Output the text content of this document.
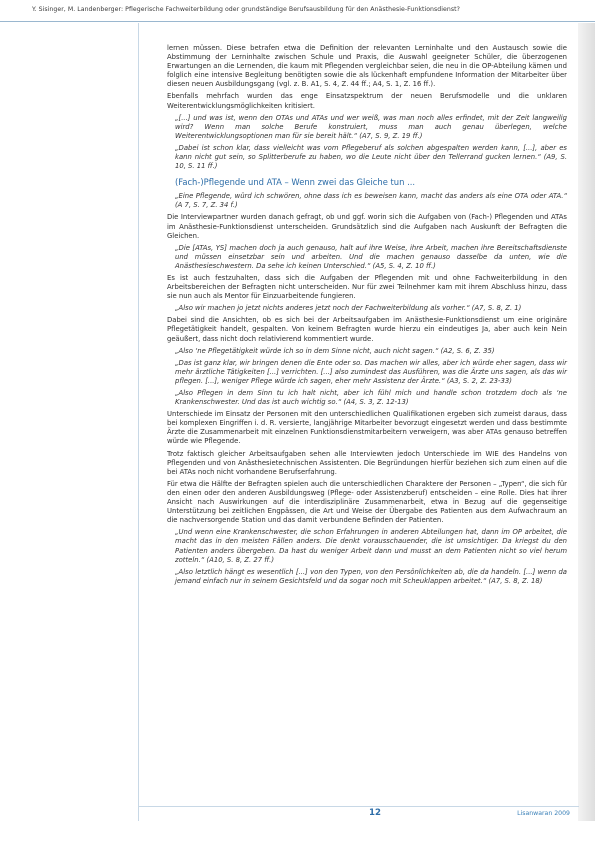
Y. Sisinger, M. Landenberger: Pflegerische Fachweiterbildung oder grundständige Berufsausbildung für den Anästhesie-Funktionsdienst?

lernen müssen. Diese betrafen etwa die Definition der relevanten Lerninhalte und den Austausch sowie die Abstimmung der Lerninhalte zwischen Schule und Praxis, die Auswahl geeigneter Schüler, die überzogenen Erwartungen an die Lernenden, die kaum mit Pflegenden vergleichbar seien, die neu in die OP-Abteilung kämen und folglich eine intensive Begleitung benötigten sowie die als lückenhaft empfundene Information der Mitarbeiter über diesen neuen Ausbildungsgang (vgl. z. B. A1, S. 4, Z. 44 ff.; A4, S. 1, Z. 16 ff.).

Ebenfalls mehrfach wurden das enge Einsatzspektrum der neuen Berufsmodelle und die unklaren Weiterentwicklungsmöglichkeiten kritisiert.

„[...] und was ist, wenn den OTAs und ATAs und wer weiß, was man noch alles erfindet, mit der Zeit langweilig wird? Wenn man solche Berufe konstruiert, muss man auch genau überlegen, welche Weiterentwicklungsoptionen man für sie bereit hält.“ (A7, S. 9, Z. 19 ff.)

„Dabei ist schon klar, dass vielleicht was vom Pflegeberuf als solchen abgespalten werden kann, [...], aber es kann nicht gut sein, so Splitterberufe zu haben, wo die Leute nicht über den Tellerrand gucken lernen.“ (A9, S. 10, S. 11 ff.)

(Fach-)Pflegende und ATA – Wenn zwei das Gleiche tun ...

„Eine Pflegende, würd ich schwören, ohne dass ich es beweisen kann, macht das anders als eine OTA oder ATA.“ (A 7, S. 7, Z. 34 f.)

Die Interviewpartner wurden danach gefragt, ob und ggf. worin sich die Aufgaben von (Fach-) Pflegenden und ATAs im Anästhesie-Funktionsdienst unterscheiden. Grundsätzlich sind die Aufgaben nach Auskunft der Befragten die Gleichen.

„Die [ATAs, YS] machen doch ja auch genauso, halt auf ihre Weise, ihre Arbeit, machen ihre Bereitschaftsdienste und müssen einsetzbar sein und arbeiten. Und die machen genauso dasselbe da unten, wie die Anästhesieschwestern. Da sehe ich keinen Unterschied.“ (A5, S. 4, Z. 10 ff.)

Es ist auch festzuhalten, dass sich die Aufgaben der Pflegenden mit und ohne Fachweiterbildung in den Arbeitsbereichen der Befragten nicht unterscheiden. Nur für zwei Teilnehmer kam mit ihrem Abschluss hinzu, dass sie nun auch als Mentor für Einzuarbeitende fungieren.

„Also wir machen jo jetzt nichts anderes jetzt noch der Fachweiterbildung als vorher.“ (A7, S. 8, Z. 1)

Dabei sind die Ansichten, ob es sich bei der Arbeitsaufgaben im Anästhesie-Funktionsdienst um eine originäre Pflegetätigkeit handelt, gespalten. Von keinem Befragten wurde hierzu ein eindeutiges Ja, aber auch kein Nein geäußert, dass nicht doch relativierend kommentiert wurde.

„Also ‘ne Pflegetätigkeit würde ich so in dem Sinne nicht, auch nicht sagen.“ (A2, S. 6, Z. 35)

„Das ist ganz klar, wir bringen denen die Ente oder so. Das machen wir alles, aber ich würde eher sagen, dass wir mehr ärztliche Tätigkeiten [...] verrichten. [...] also zumindest das Ausführen, was die Ärzte uns sagen, als das wir pflegen. [...], weniger Pflege würde ich sagen, eher mehr Assistenz der Ärzte.“ (A3, S. 2, Z. 23-33)

„Also Pflegen in dem Sinn tu ich halt nicht, aber ich fühl mich und handle schon trotzdem doch als ‘ne Krankenschwester. Und das ist auch wichtig so.“ (A4, S. 3, Z. 12-13)

Unterschiede im Einsatz der Personen mit den unterschiedlichen Qualifikationen ergeben sich zumeist daraus, dass bei komplexen Eingriffen i. d. R. versierte, langjährige Mitarbeiter bevorzugt eingesetzt werden und dass bestimmte Ärzte die Zusammenarbeit mit einzelnen Funktionsdienstmitarbeitern verweigern, was aber ATAs genauso betreffen würde wie Pflegende.

Trotz faktisch gleicher Arbeitsaufgaben sehen alle Interviewten jedoch Unterschiede im WIE des Handelns von Pflegenden und von Anästhesietechnischen Assistenten. Die Begründungen hierfür beziehen sich zum einen auf die bei ATAs noch nicht vorhandene Berufserfahrung.

Für etwa die Hälfte der Befragten spielen auch die unterschiedlichen Charaktere der Personen – „Typen“, die sich für den einen oder den anderen Ausbildungsweg (Pflege- oder Assistenzberuf) entscheiden – eine Rolle. Dies hat ihrer Ansicht nach Auswirkungen auf die interdisziplinäre Zusammenarbeit, etwa in Bezug auf die gegenseitige Unterstützung bei zeitlichen Engpässen, die Art und Weise der Übergabe des Patienten aus dem Aufwachraum an die nachversorgende Station und das damit verbundene Befinden der Patienten.

„Und wenn eine Krankenschwester, die schon Erfahrungen in anderen Abteilungen hat, dann im OP arbeitet, die macht das in den meisten Fällen anders. Die denkt vorausschauender, die ist umsichtiger. Da kriegst du den Patienten anders übergeben. Da hast du weniger Arbeit dann und musst an dem Patienten nicht so viel herum zotteln.“ (A10, S. 8, Z. 27 ff.)

„Also letztlich hängt es wesentlich [...] von den Typen, von den Persönlichkeiten ab, die da handeln. [...] wenn da jemand einfach nur in seinem Gesichtsfeld und da sogar noch mit Scheuklappen arbeitet.“ (A7, S. 8, Z. 18)

12	Lisanwaran 2009
